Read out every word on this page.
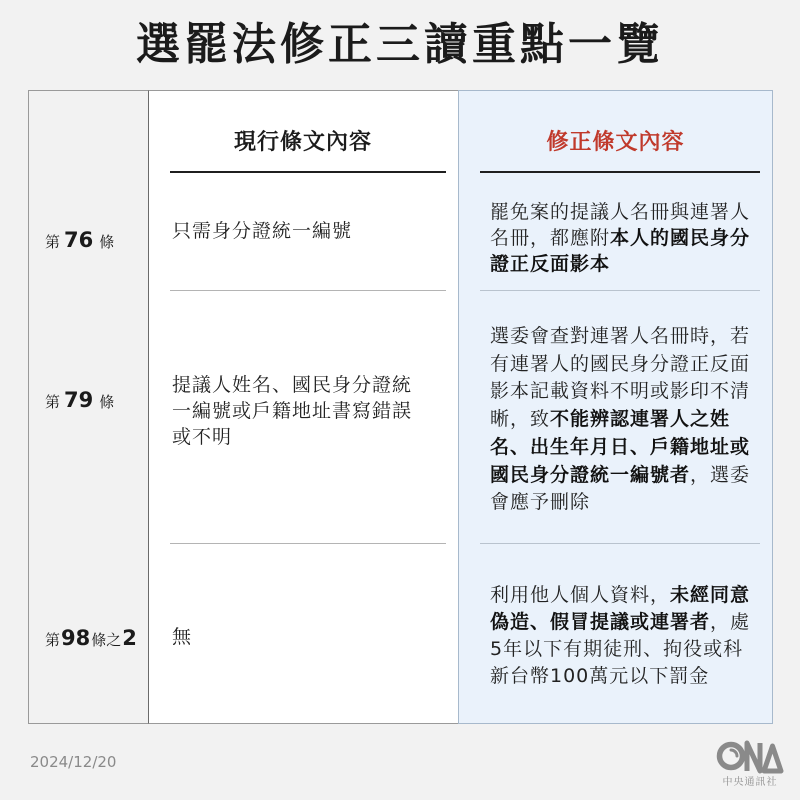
選罷法修正三讀重點一覽
現行條文內容	修正條文內容
第 76 條	只需身分證統一編號
罷免案的提議人名冊與連署人
名冊，都應附本人的國民身分
證正反面影本
第 79 條
提議人姓名、國民身分證統
一編號或戶籍地址書寫錯誤
或不明
選委會查對連署人名冊時，若
有連署人的國民身分證正反面
影本記載資料不明或影印不清
晰，致不能辨認連署人之姓
名、出生年月日、戶籍地址或
國民身分證統一編號者，選委
會應予刪除
第98條之2 無
利用他人個人資料，未經同意
偽造、假冒提議或連署者，處
5年以下有期徒刑、拘役或科
新台幣100萬元以下罰金
2024/12/20
中央通訊社
